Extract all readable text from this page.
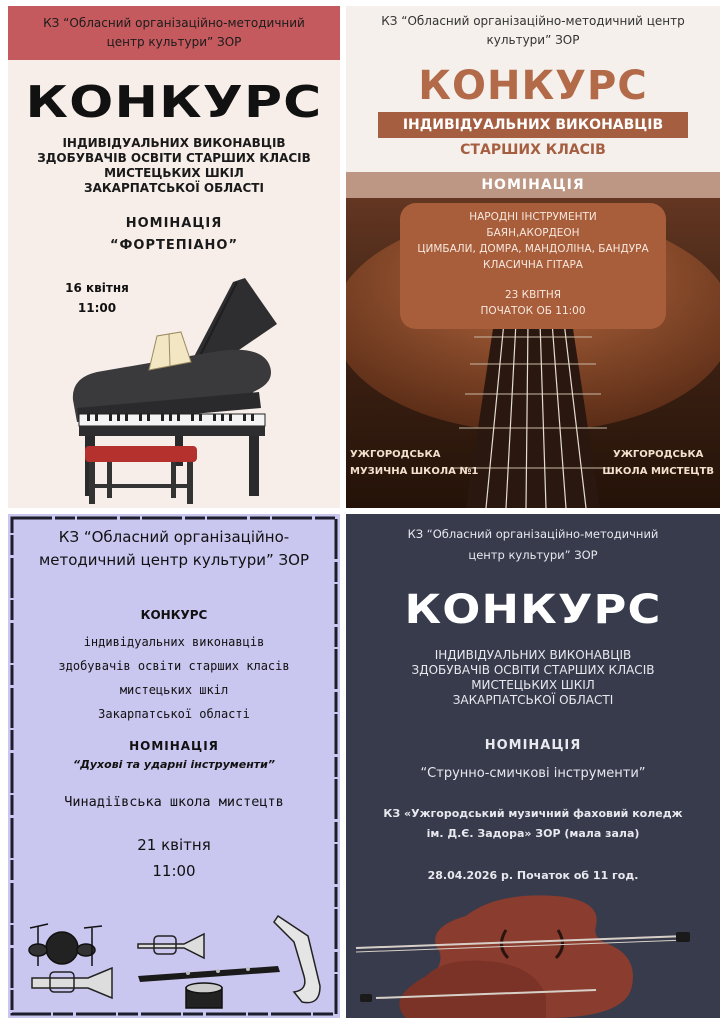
КЗ “Обласний організаційно-методичний
центр культури” ЗОР
КОНКУРС
ІНДИВІДУАЛЬНИХ ВИКОНАВЦІВ
ЗДОБУВАЧІВ ОСВІТИ СТАРШИХ КЛАСІВ
МИСТЕЦЬКИХ ШКІЛ
ЗАКАРПАТСЬКОЇ ОБЛАСТІ
НОМІНАЦІЯ
“ФОРТЕПІАНО”
16 квітня
11:00
КЗ “Обласний організаційно-методичний центр
культури” ЗОР
КОНКУРС
ІНДИВІДУАЛЬНИХ ВИКОНАВЦІВ
СТАРШИХ КЛАСІВ
НОМІНАЦІЯ
НАРОДНІ ІНСТРУМЕНТИ
БАЯН,АКОРДЕОН
ЦИМБАЛИ, ДОМРА, МАНДОЛІНА, БАНДУРА
КЛАСИЧНА ГІТАРА
23 КВІТНЯ
ПОЧАТОК ОБ 11:00
УЖГОРОДСЬКА
МУЗИЧНА ШКОЛА №1
УЖГОРОДСЬКА
ШКОЛА МИСТЕЦТВ
КЗ “Обласний організаційно-
методичний центр культури” ЗОР
КОНКУРС
індивідуальних виконавців
здобувачів освіти старших класів
мистецьких шкіл
Закарпатської області
НОМІНАЦІЯ
“Духові та ударні інструменти”
Чинадіївська школа мистецтв
21 квітня
11:00
КЗ “Обласний організаційно-методичний
центр культури” ЗОР
КОНКУРС
ІНДИВІДУАЛЬНИХ ВИКОНАВЦІВ
ЗДОБУВАЧІВ ОСВІТИ СТАРШИХ КЛАСІВ
МИСТЕЦЬКИХ ШКІЛ
ЗАКАРПАТСЬКОЇ ОБЛАСТІ
НОМІНАЦІЯ
“Струнно-смичкові інструменти”
КЗ «Ужгородський музичний фаховий коледж
ім. Д.Є. Задора» ЗОР (мала зала)
28.04.2026 р. Початок об 11 год.
